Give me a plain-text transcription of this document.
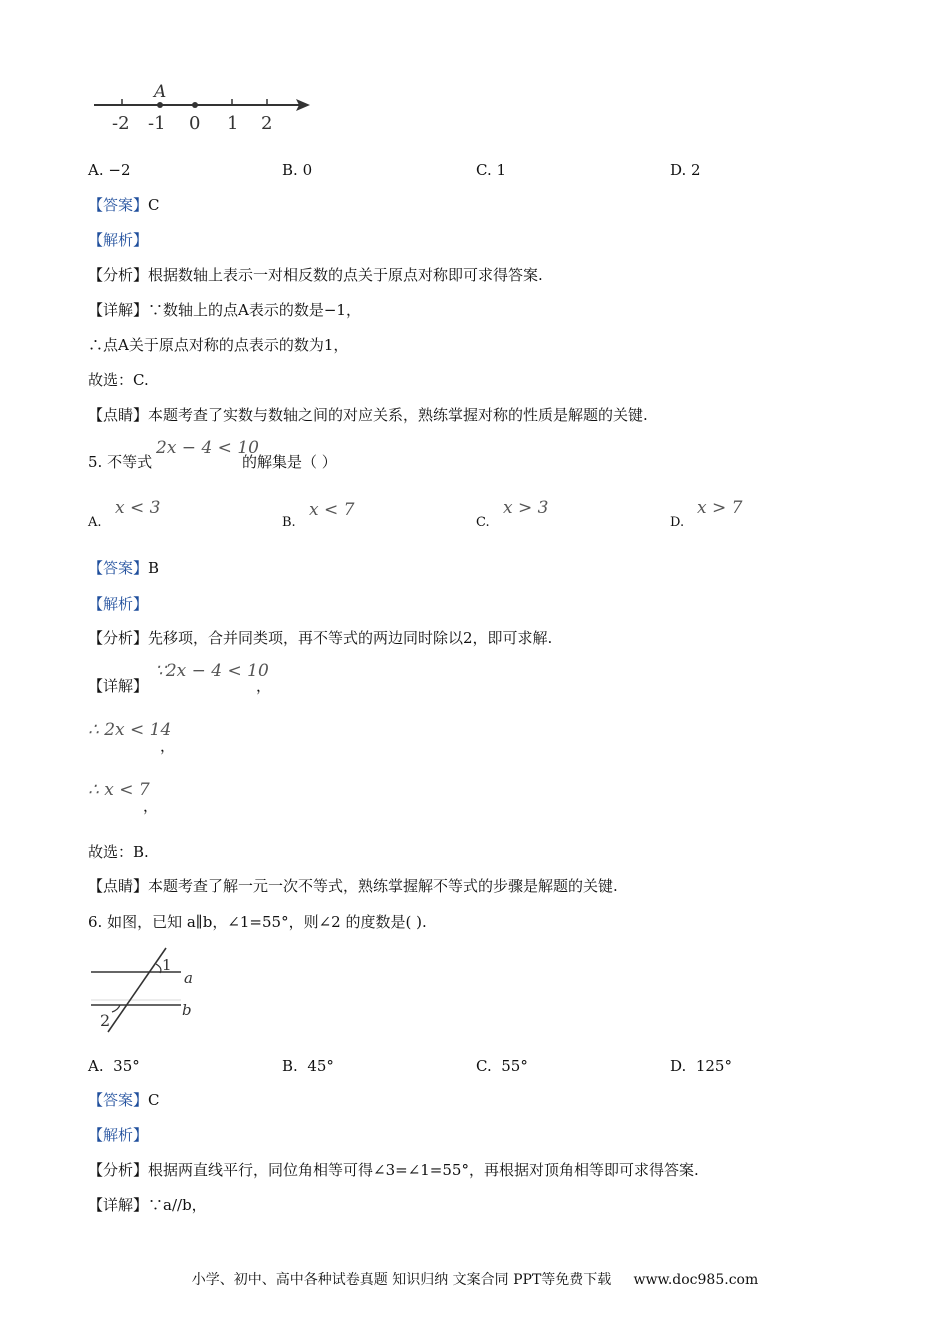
A
-2 -1 0 1 2
A. −2	B. 0	C. 1	D. 2
【答案】C
【解析】
【分析】根据数轴上表示一对相反数的点关于原点对称即可求得答案.
【详解】∵数轴上的点A表示的数是−1，
∴点A关于原点对称的点表示的数为1，
故选：C.
【点睛】本题考查了实数与数轴之间的对应关系，熟练掌握对称的性质是解题的关键.
5. 不等式
2x − 4 < 10
的解集是（ ）
A.
x < 3
B.
x < 7
C.
x > 3
D.
x > 7
【答案】B
【解析】
【分析】先移项，合并同类项，再不等式的两边同时除以2，即可求解.
【详解】
∵2x − 4 < 10
，
∴ 2x < 14
，
∴ x < 7
，
故选：B.
【点睛】本题考查了解一元一次不等式，熟练掌握解不等式的步骤是解题的关键.
6. 如图，已知 a∥b，∠1=55°，则∠2 的度数是( ).
1
a
b
2
A. 35°	B. 45°	C. 55°	D. 125°
【答案】C
【解析】
【分析】根据两直线平行，同位角相等可得∠3=∠1=55°，再根据对顶角相等即可求得答案.
【详解】∵a//b，
小学、初中、高中各种试卷真题 知识归纳 文案合同 PPT等免费下载 www.doc985.com
